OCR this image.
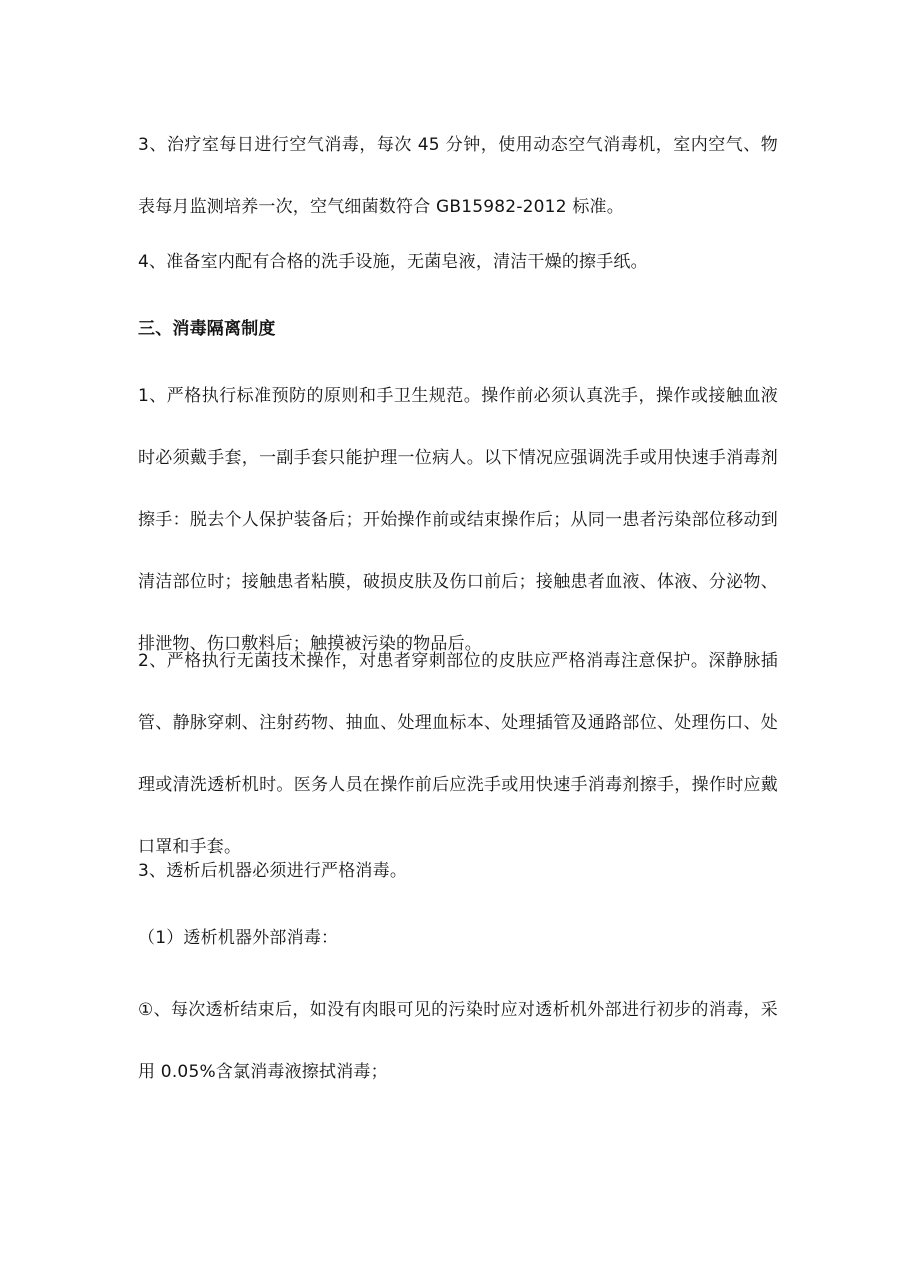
3、治疗室每日进行空气消毒，每次 45 分钟，使用动态空气消毒机，室内空气、物表每月监测培养一次，空气细菌数符合 GB15982-2012 标准。

4、准备室内配有合格的洗手设施，无菌皂液，清洁干燥的擦手纸。

三、消毒隔离制度

1、严格执行标准预防的原则和手卫生规范。操作前必须认真洗手，操作或接触血液时必须戴手套，一副手套只能护理一位病人。以下情况应强调洗手或用快速手消毒剂擦手：脱去个人保护装备后；开始操作前或结束操作后；从同一患者污染部位移动到清洁部位时；接触患者粘膜，破损皮肤及伤口前后；接触患者血液、体液、分泌物、排泄物、伤口敷料后；触摸被污染的物品后。

2、严格执行无菌技术操作，对患者穿刺部位的皮肤应严格消毒注意保护。深静脉插管、静脉穿刺、注射药物、抽血、处理血标本、处理插管及通路部位、处理伤口、处理或清洗透析机时。医务人员在操作前后应洗手或用快速手消毒剂擦手，操作时应戴口罩和手套。

3、透析后机器必须进行严格消毒。

（1）透析机器外部消毒：

①、每次透析结束后，如没有肉眼可见的污染时应对透析机外部进行初步的消毒，采用 0.05%含氯消毒液擦拭消毒；
